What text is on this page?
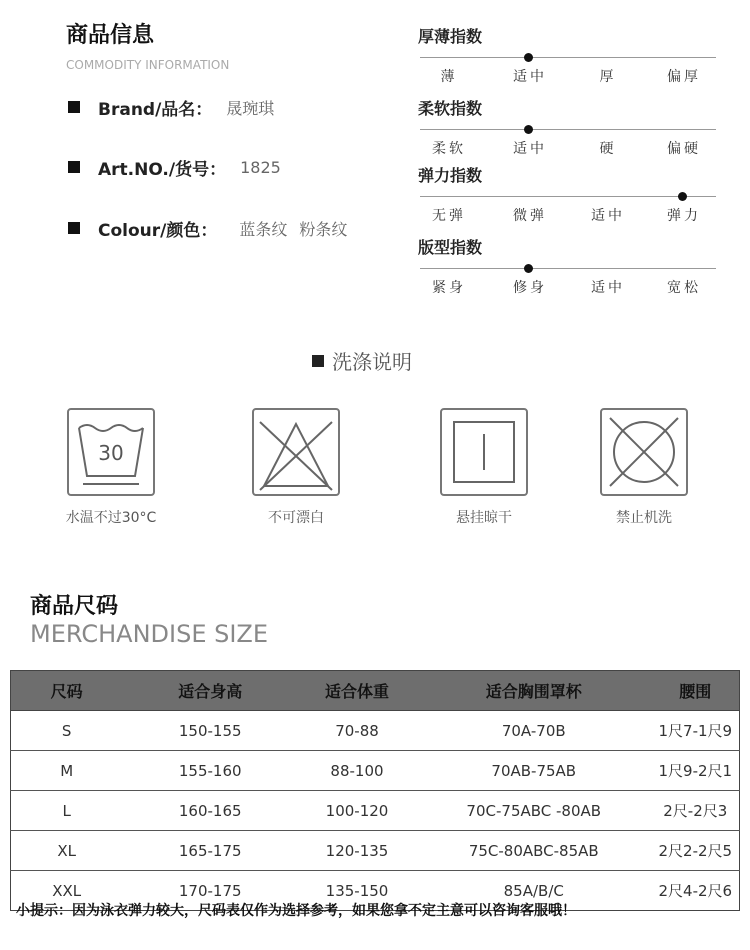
商品信息
COMMODITY INFORMATION
Brand/品名： 晟琬琪
Art.NO./货号： 1825
Colour/颜色： 蓝条纹 粉条纹
厚薄指数
薄	适中	厚	偏厚
柔软指数
柔软	适中	硬	偏硬
弹力指数
无弹	微弹	适中	弹力
版型指数
紧身	修身	适中	宽松
洗涤说明
30
水温不过30°C	不可漂白	悬挂晾干	禁止机洗
商品尺码
MERCHANDISE SIZE
尺码	适合身高	适合体重	适合胸围罩杯	腰围
S	150-155	70-88	70A-70B	1尺7-1尺9
M	155-160	88-100	70AB-75AB	1尺9-2尺1
L	160-165	100-120	70C-75ABC -80AB	2尺-2尺3
XL	165-175	120-135	75C-80ABC-85AB	2尺2-2尺5
XXL	170-175	135-150	85A/B/C	2尺4-2尺6
小提示：因为泳衣弹力较大，尺码表仅作为选择参考，如果您拿不定主意可以咨询客服哦！
